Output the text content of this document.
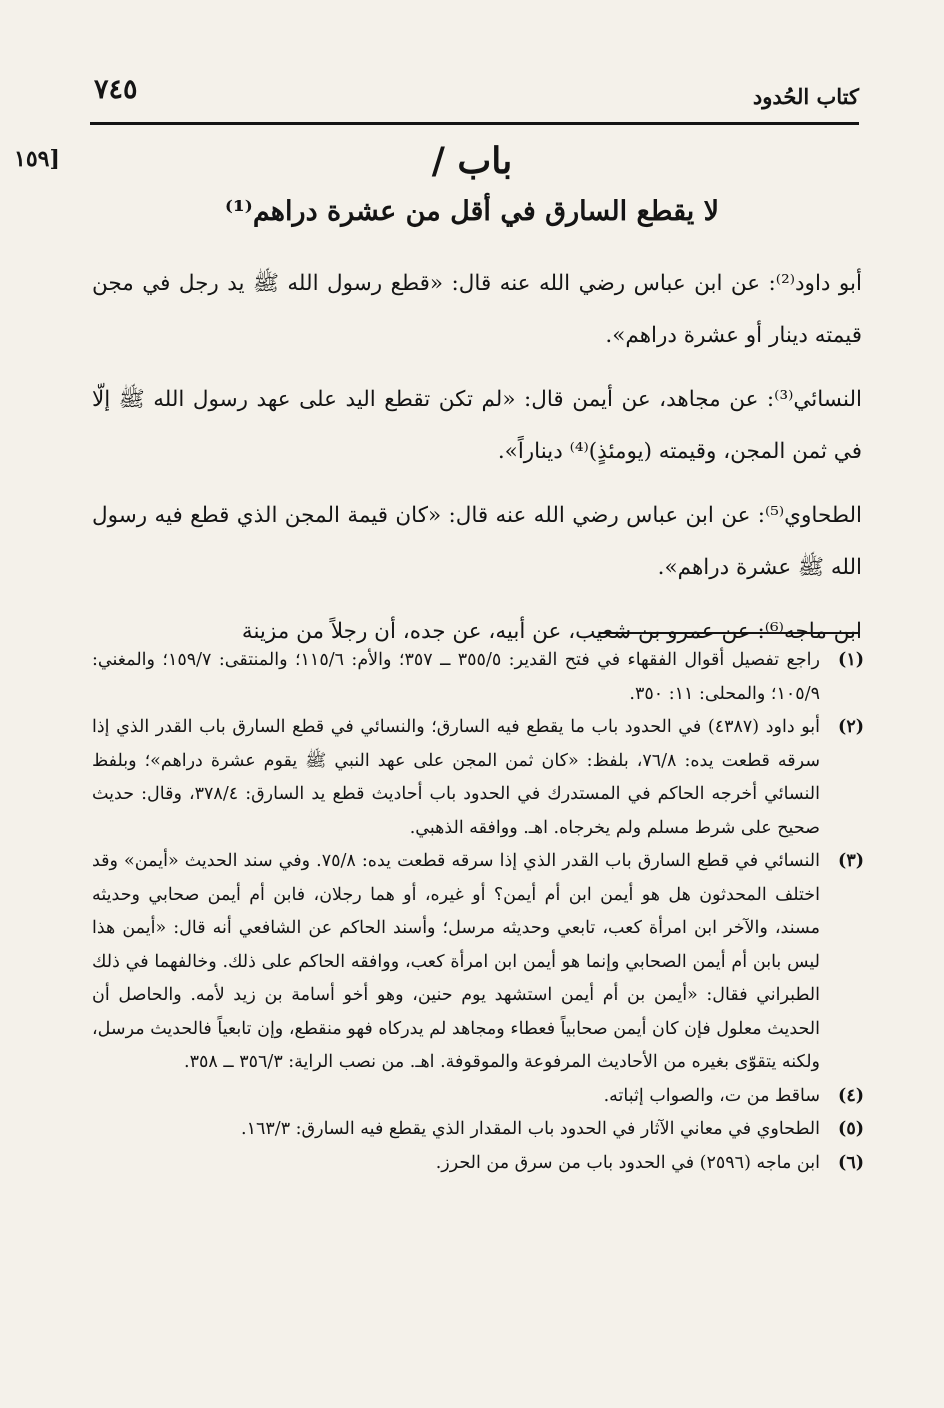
٧٤٥	كتاب الحُدود
١٥٩]	باب /
لا يقطع السارق في أقل من عشرة دراهم⁽¹⁾

أبو داود⁽²⁾: عن ابن عباس رضي الله عنه قال: «قطع رسول الله ﷺ يد رجل في مجن قيمته دينار أو عشرة دراهم».

النسائي⁽³⁾: عن مجاهد، عن أيمن قال: «لم تكن تقطع اليد على عهد رسول الله ﷺ إلّا في ثمن المجن، وقيمته (يومئذٍ)⁽⁴⁾ ديناراً».

الطحاوي⁽⁵⁾: عن ابن عباس رضي الله عنه قال: «كان قيمة المجن الذي قطع فيه رسول الله ﷺ عشرة دراهم».

ابن ماجه⁽⁶⁾: عن عمرو بن شعيب، عن أبيه، عن جده، أن رجلاً من مزينة

(١)
راجع تفصيل أقوال الفقهاء في فتح القدير: ٣٥٥/٥ ــ ٣٥٧؛ والأم: ١١٥/٦؛ والمنتقى: ١٥٩/٧؛ والمغني: ١٠٥/٩؛ والمحلى: ١١: ٣٥٠.
(٢)
أبو داود (٤٣٨٧) في الحدود باب ما يقطع فيه السارق؛ والنسائي في قطع السارق باب القدر الذي إذا سرقه قطعت يده: ٧٦/٨، بلفظ: «كان ثمن المجن على عهد النبي ﷺ يقوم عشرة دراهم»؛ وبلفظ النسائي أخرجه الحاكم في المستدرك في الحدود باب أحاديث قطع يد السارق: ٣٧٨/٤، وقال: حديث صحيح على شرط مسلم ولم يخرجاه. اهـ. ووافقه الذهبي.
(٣)
النسائي في قطع السارق باب القدر الذي إذا سرقه قطعت يده: ٧٥/٨. وفي سند الحديث «أيمن» وقد اختلف المحدثون هل هو أيمن ابن أم أيمن؟ أو غيره، أو هما رجلان، فابن أم أيمن صحابي وحديثه مسند، والآخر ابن امرأة كعب، تابعي وحديثه مرسل؛ وأسند الحاكم عن الشافعي أنه قال: «أيمن هذا ليس بابن أم أيمن الصحابي وإنما هو أيمن ابن امرأة كعب، ووافقه الحاكم على ذلك. وخالفهما في ذلك الطبراني فقال: «أيمن بن أم أيمن استشهد يوم حنين، وهو أخو أسامة بن زيد لأمه. والحاصل أن الحديث معلول فإن كان أيمن صحابياً فعطاء ومجاهد لم يدركاه فهو منقطع، وإن تابعياً فالحديث مرسل، ولكنه يتقوّى بغيره من الأحاديث المرفوعة والموقوفة. اهـ. من نصب الراية: ٣٥٦/٣ ــ ٣٥٨.
(٤)
ساقط من ت، والصواب إثباته.
(٥)
الطحاوي في معاني الآثار في الحدود باب المقدار الذي يقطع فيه السارق: ١٦٣/٣.
(٦)
ابن ماجه (٢٥٩٦) في الحدود باب من سرق من الحرز.
